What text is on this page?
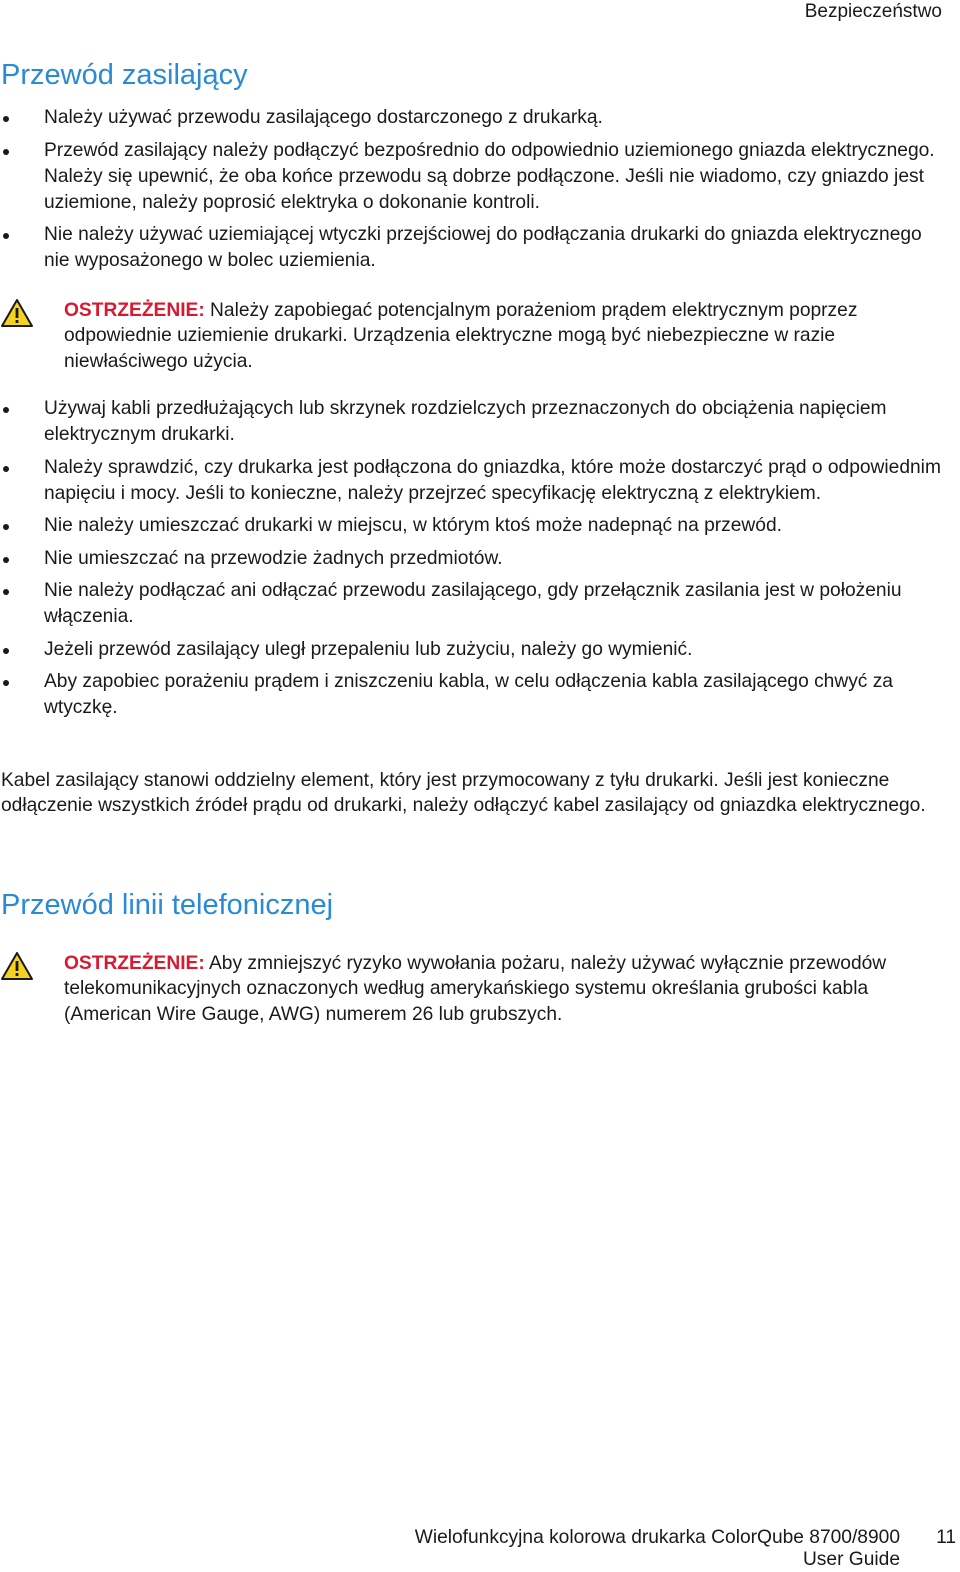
Bezpieczeństwo
Przewód zasilający
Należy używać przewodu zasilającego dostarczonego z drukarką.
Przewód zasilający należy podłączyć bezpośrednio do odpowiednio uziemionego gniazda elektrycznego. Należy się upewnić, że oba końce przewodu są dobrze podłączone. Jeśli nie wiadomo, czy gniazdo jest uziemione, należy poprosić elektryka o dokonanie kontroli.
Nie należy używać uziemiającej wtyczki przejściowej do podłączania drukarki do gniazda elektrycznego nie wyposażonego w bolec uziemienia.
OSTRZEŻENIE: Należy zapobiegać potencjalnym porażeniom prądem elektrycznym poprzez odpowiednie uziemienie drukarki. Urządzenia elektryczne mogą być niebezpieczne w razie niewłaściwego użycia.
Używaj kabli przedłużających lub skrzynek rozdzielczych przeznaczonych do obciążenia napięciem elektrycznym drukarki.
Należy sprawdzić, czy drukarka jest podłączona do gniazdka, które może dostarczyć prąd o odpowiednim napięciu i mocy. Jeśli to konieczne, należy przejrzeć specyfikację elektryczną z elektrykiem.
Nie należy umieszczać drukarki w miejscu, w którym ktoś może nadepnąć na przewód.
Nie umieszczać na przewodzie żadnych przedmiotów.
Nie należy podłączać ani odłączać przewodu zasilającego, gdy przełącznik zasilania jest w położeniu włączenia.
Jeżeli przewód zasilający uległ przepaleniu lub zużyciu, należy go wymienić.
Aby zapobiec porażeniu prądem i zniszczeniu kabla, w celu odłączenia kabla zasilającego chwyć za wtyczkę.

Kabel zasilający stanowi oddzielny element, który jest przymocowany z tyłu drukarki. Jeśli jest konieczne odłączenie wszystkich źródeł prądu od drukarki, należy odłączyć kabel zasilający od gniazdka elektrycznego.

Przewód linii telefonicznej
OSTRZEŻENIE: Aby zmniejszyć ryzyko wywołania pożaru, należy używać wyłącznie przewodów telekomunikacyjnych oznaczonych według amerykańskiego systemu określania grubości kabla (American Wire Gauge, AWG) numerem 26 lub grubszych.
Wielofunkcyjna kolorowa drukarka ColorQube 8700/8900
User Guide
11
